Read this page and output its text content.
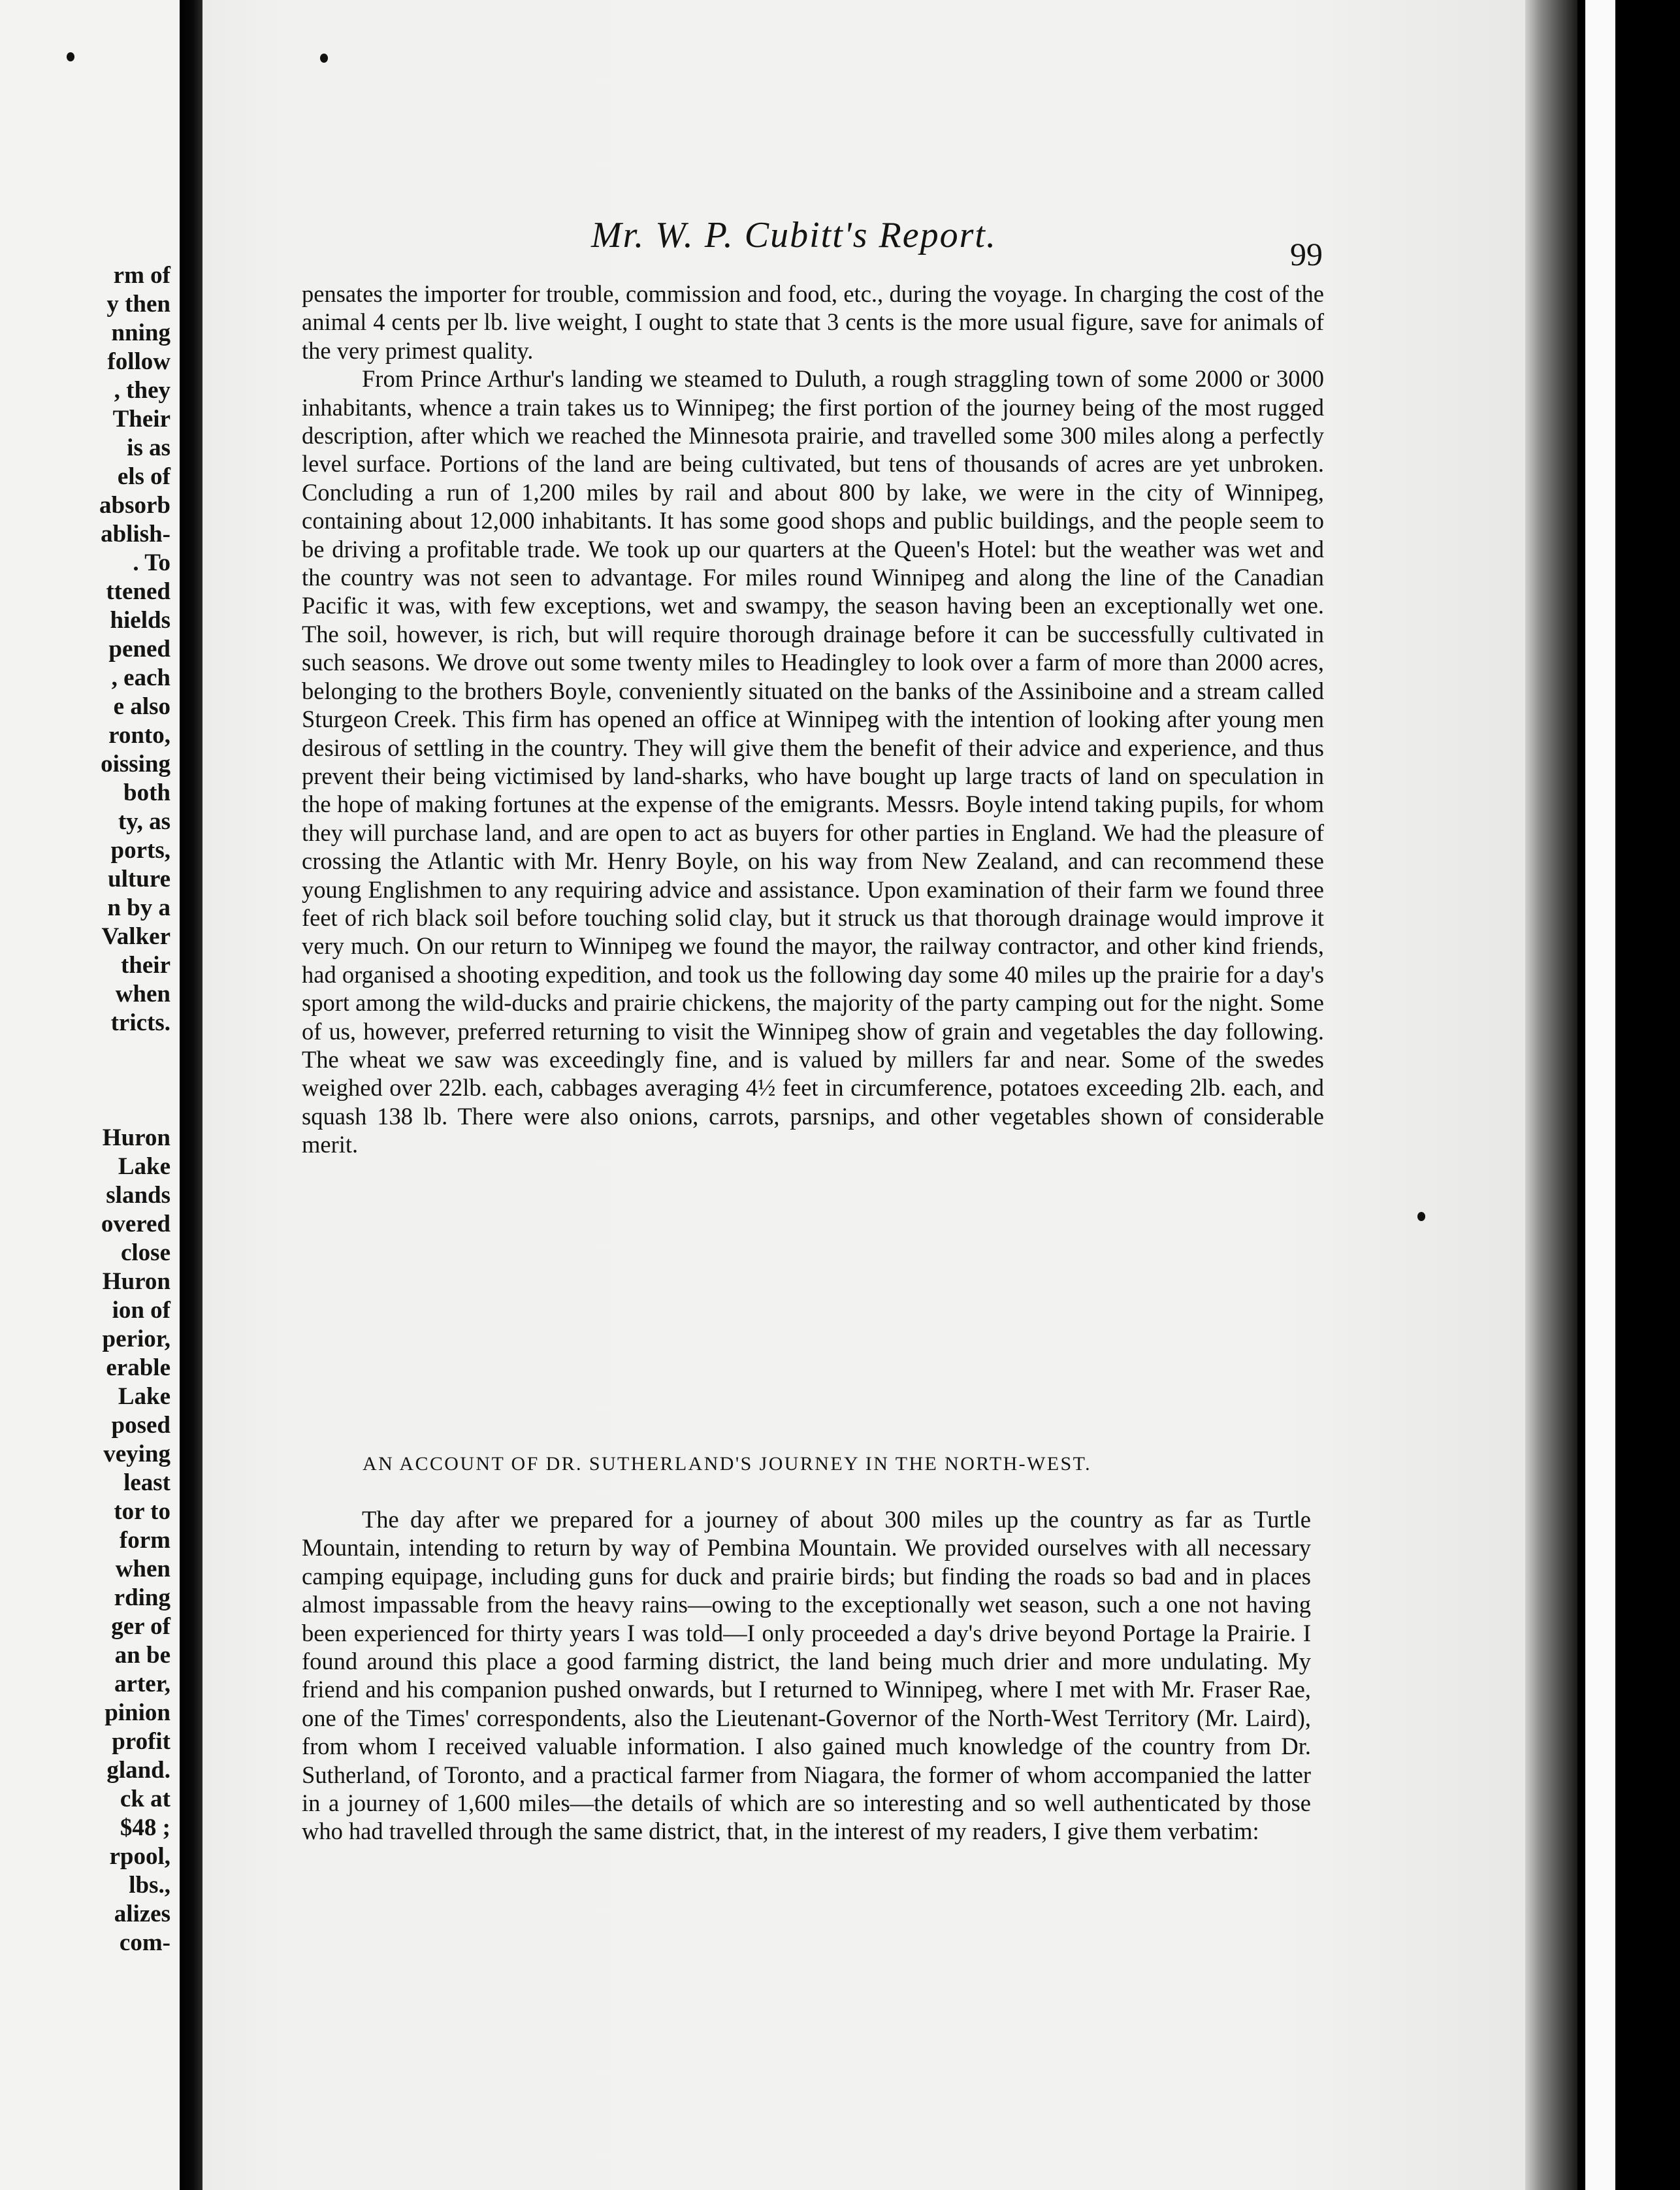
rm of
y then
nning
follow
, they
Their
is as
els of
absorb
ablish-
. To
ttened
hields
pened
, each
e also
ronto,
oissing
both
ty, as
ports,
ulture
n by a
Valker
their
when
tricts.
Huron
Lake
slands
overed
close
Huron
ion of
perior,
erable
Lake
posed
veying
least
tor to
form
when
rding
ger of
an be
arter,
pinion
profit
gland.
ck at
$48 ;
rpool,
lbs.,
alizes
com-
Mr. W. P. Cubitt's Report.	99

pensates the importer for trouble, commission and food, etc., during the voyage. In charging the cost of the animal 4 cents per lb. live weight, I ought to state that 3 cents is the more usual figure, save for animals of the very primest quality.

From Prince Arthur's landing we steamed to Duluth, a rough straggling town of some 2000 or 3000 inhabitants, whence a train takes us to Winnipeg; the first portion of the journey being of the most rugged description, after which we reached the Minnesota prairie, and travelled some 300 miles along a perfectly level surface. Portions of the land are being cultivated, but tens of thousands of acres are yet unbroken. Concluding a run of 1,200 miles by rail and about 800 by lake, we were in the city of Winnipeg, containing about 12,000 inhabitants. It has some good shops and public buildings, and the people seem to be driving a profitable trade. We took up our quarters at the Queen's Hotel: but the weather was wet and the country was not seen to advantage. For miles round Winnipeg and along the line of the Canadian Pacific it was, with few exceptions, wet and swampy, the season having been an exceptionally wet one. The soil, however, is rich, but will require thorough drainage before it can be successfully cultivated in such seasons. We drove out some twenty miles to Headingley to look over a farm of more than 2000 acres, belonging to the brothers Boyle, conveniently situated on the banks of the Assiniboine and a stream called Sturgeon Creek. This firm has opened an office at Winnipeg with the intention of looking after young men desirous of settling in the country. They will give them the benefit of their advice and experience, and thus prevent their being victimised by land-sharks, who have bought up large tracts of land on speculation in the hope of making fortunes at the expense of the emigrants. Messrs. Boyle intend taking pupils, for whom they will purchase land, and are open to act as buyers for other parties in England. We had the pleasure of crossing the Atlantic with Mr. Henry Boyle, on his way from New Zealand, and can recommend these young Englishmen to any requiring advice and assistance. Upon examination of their farm we found three feet of rich black soil before touching solid clay, but it struck us that thorough drainage would improve it very much. On our return to Winnipeg we found the mayor, the railway contractor, and other kind friends, had organised a shooting expedition, and took us the following day some 40 miles up the prairie for a day's sport among the wild-ducks and prairie chickens, the majority of the party camping out for the night. Some of us, however, preferred returning to visit the Winnipeg show of grain and vegetables the day following. The wheat we saw was exceedingly fine, and is valued by millers far and near. Some of the swedes weighed over 22lb. each, cabbages averaging 4½ feet in circumference, potatoes exceeding 2lb. each, and squash 138 lb. There were also onions, carrots, parsnips, and other vegetables shown of considerable merit.

AN ACCOUNT OF DR. SUTHERLAND'S JOURNEY IN THE NORTH-WEST.

The day after we prepared for a journey of about 300 miles up the country as far as Turtle Mountain, intending to return by way of Pembina Mountain. We provided ourselves with all necessary camping equipage, including guns for duck and prairie birds; but finding the roads so bad and in places almost impassable from the heavy rains—owing to the exceptionally wet season, such a one not having been experienced for thirty years I was told—I only proceeded a day's drive beyond Portage la Prairie. I found around this place a good farming district, the land being much drier and more undulating. My friend and his companion pushed onwards, but I returned to Winnipeg, where I met with Mr. Fraser Rae, one of the Times' correspondents, also the Lieutenant-Governor of the North-West Territory (Mr. Laird), from whom I received valuable information. I also gained much knowledge of the country from Dr. Sutherland, of Toronto, and a practical farmer from Niagara, the former of whom accompanied the latter in a journey of 1,600 miles—the details of which are so interesting and so well authenticated by those who had travelled through the same district, that, in the interest of my readers, I give them verbatim:
